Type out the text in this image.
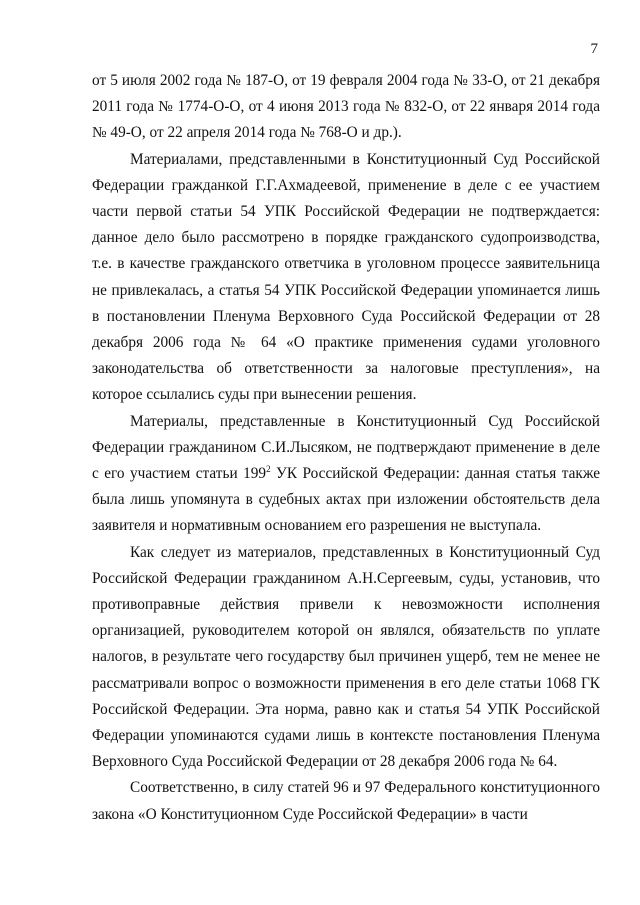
7

от 5 июля 2002 года № 187-О, от 19 февраля 2004 года № 33-О, от 21 декабря 2011 года № 1774-О-О, от 4 июня 2013 года № 832-О, от 22 января 2014 года № 49-О, от 22 апреля 2014 года № 768-О и др.).

Материалами, представленными в Конституционный Суд Российской Федерации гражданкой Г.Г.Ахмадеевой, применение в деле с ее участием части первой статьи 54 УПК Российской Федерации не подтверждается: данное дело было рассмотрено в порядке гражданского судопроизводства, т.е. в качестве гражданского ответчика в уголовном процессе заявительница не привлекалась, а статья 54 УПК Российской Федерации упоминается лишь в постановлении Пленума Верховного Суда Российской Федерации от 28 декабря 2006 года № 64 «О практике применения судами уголовного законодательства об ответственности за налоговые преступления», на которое ссылались суды при вынесении решения.

Материалы, представленные в Конституционный Суд Российской Федерации гражданином С.И.Лысяком, не подтверждают применение в деле с его участием статьи $199^2$ УК Российской Федерации: данная статья также была лишь упомянута в судебных актах при изложении обстоятельств дела заявителя и нормативным основанием его разрешения не выступала.

Как следует из материалов, представленных в Конституционный Суд Российской Федерации гражданином А.Н.Сергеевым, суды, установив, что противоправные действия привели к невозможности исполнения организацией, руководителем которой он являлся, обязательств по уплате налогов, в результате чего государству был причинен ущерб, тем не менее не рассматривали вопрос о возможности применения в его деле статьи 1068 ГК Российской Федерации. Эта норма, равно как и статья 54 УПК Российской Федерации упоминаются судами лишь в контексте постановления Пленума Верховного Суда Российской Федерации от 28 декабря 2006 года № 64.

Соответственно, в силу статей 96 и 97 Федерального конституционного закона «О Конституционном Суде Российской Федерации» в части
